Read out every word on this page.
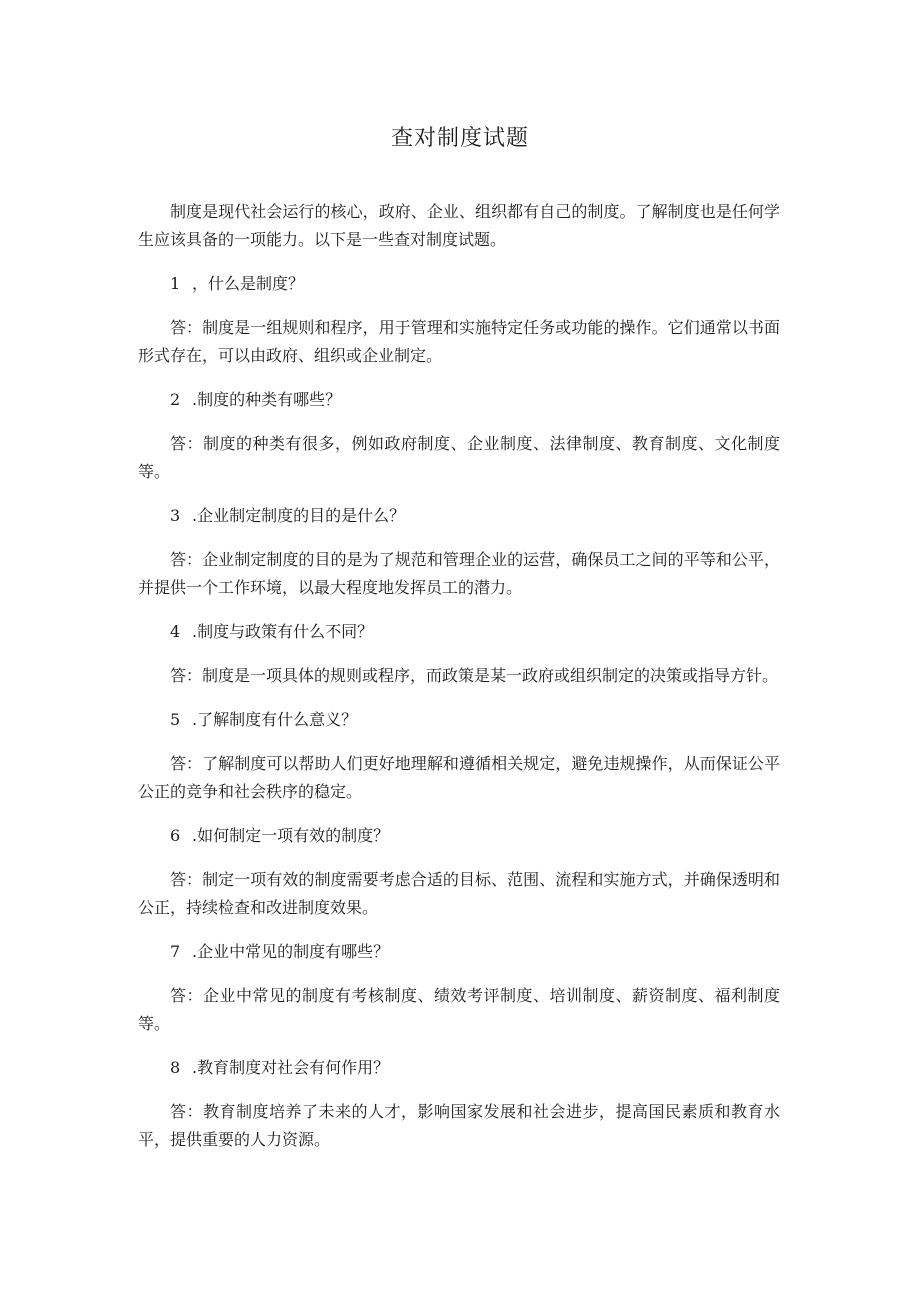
查对制度试题

制度是现代社会运行的核心，政府、企业、组织都有自己的制度。了解制度也是任何学生应该具备的一项能力。以下是一些查对制度试题。

1 ，什么是制度？

答：制度是一组规则和程序，用于管理和实施特定任务或功能的操作。它们通常以书面形式存在，可以由政府、组织或企业制定。

2 .制度的种类有哪些？

答：制度的种类有很多，例如政府制度、企业制度、法律制度、教育制度、文化制度等。

3 .企业制定制度的目的是什么？

答：企业制定制度的目的是为了规范和管理企业的运营，确保员工之间的平等和公平，并提供一个工作环境，以最大程度地发挥员工的潜力。

4 .制度与政策有什么不同？

答：制度是一项具体的规则或程序，而政策是某一政府或组织制定的决策或指导方针。

5 .了解制度有什么意义？

答：了解制度可以帮助人们更好地理解和遵循相关规定，避免违规操作，从而保证公平公正的竞争和社会秩序的稳定。

6 .如何制定一项有效的制度？

答：制定一项有效的制度需要考虑合适的目标、范围、流程和实施方式，并确保透明和公正，持续检查和改进制度效果。

7 .企业中常见的制度有哪些？

答：企业中常见的制度有考核制度、绩效考评制度、培训制度、薪资制度、福利制度等。

8 .教育制度对社会有何作用？

答：教育制度培养了未来的人才，影响国家发展和社会进步，提高国民素质和教育水平，提供重要的人力资源。
